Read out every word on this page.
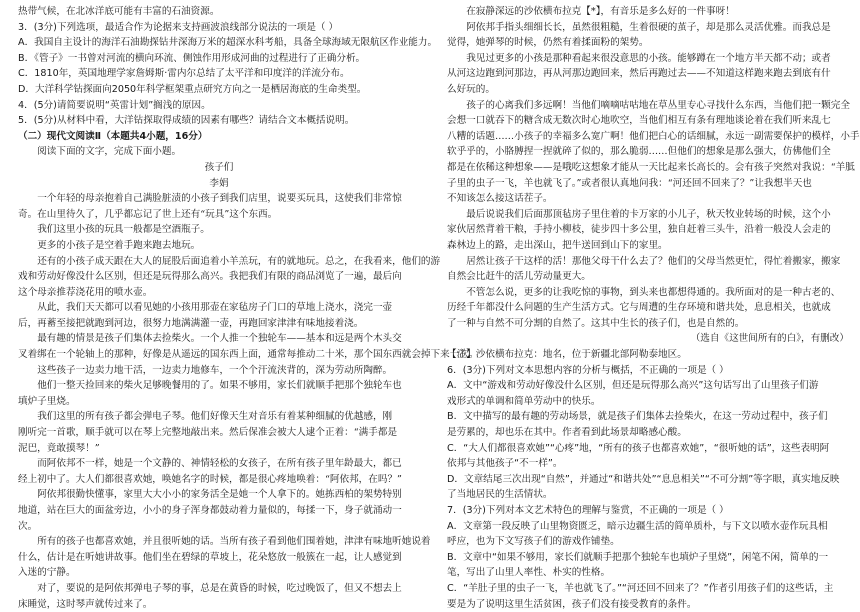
热带气候，在北冰洋底可能有丰富的石油资源。
3．(3分)下列选项，最适合作为论据来支持画波浪线部分说法的一项是（ ）
A．我国自主设计的海洋石油勘探钻井深海万米的超深水科考船，具备全球海域无限航区作业能力。
B．《管子》一书曾对河流的横向环流、侧蚀作用形成河曲的过程进行了正确分析。
C．1810年，英国地理学家詹姆斯·雷内尔总结了太平洋和印度洋的洋流分布。
D．大洋科学钻探面向2050年科学框架重点研究方向之一是栖居海底的生命类型。
4．(5分)请简要说明“英雷计划”搁浅的原因。
5．(5分)从材料中看，大洋钻探取得成绩的因素有哪些？请结合文本概括说明。
（二）现代文阅读Ⅱ（本题共4小题，16分）
阅读下面的文字，完成下面小题。
孩子们
李娟
一个年轻的母亲抱着自己满脸脏渍的小孩子到我们店里，说要买玩具，这使我们非常惊
奇。在山里待久了，几乎都忘记了世上还有“玩具”这个东西。
我们这里小孩的玩具一般都是空酒瓶子。
更多的小孩子是空着手跑来跑去地玩。
还有的小孩子成天跟在大人的屁股后面追着小羊羔玩，有的就地玩。总之，在我看来，他们的游
戏和劳动好像没什么区别，但还是玩得那么高兴。我把我们有限的商品浏览了一遍，最后向
这个母亲推荐浇花用的喷水壶。
从此，我们天天都可以看见她的小孩用那壶在家毡房子门口的草地上浇水，浇完一壶
后，再蓄至接把就跑到河边，很努力地满满灌一壶，再跑回家津津有味地接着浇。
最有趣的情景是孩子们集体去捡柴火。一个人推一个独轮车——基本和远是两个木头交
叉着绑在一个轮轴上的那种，好像是从遥远的国东西上面，通常每推动二十米，那个国东西就会掉下来一次。
这些孩子一边卖力地干活，一边卖力地修车，一个个汗流浃背的，深为劳动所陶醉。
他们一整天捡回来的柴火足够晚餐用的了。如果不够用，家长们就顺手把那个独轮车也
填炉子里烧。
我们这里的所有孩子都会弹电子琴。他们好像天生对音乐有着某种细腻的优越感，刚
刚听完一首歌，顺手就可以在琴上完整地敲出来。然后保准会被大人逮个正着：“满手都是
泥巴，竟敢摸琴！”
而阿依邦不一样，她是一个文静的、神情轻松的女孩子，在所有孩子里年龄最大，都已
经上初中了。大人们都很喜欢她，唤她名字的时候，都是很心疼地唤着：“阿依邦，在吗？”
阿依邦很勤快懂事，家里大大小小的家务活全是她一个人拿下的。她拣西柏的架势特别
地道，站在巨大的面盆旁边，小小的身子浑身都鼓动着力量似的，每揉一下，身子就涌动一
次。
所有的孩子也都喜欢她，并且很听她的话。当所有孩子看到他们围着她，津津有味地听她说着
什么，估计是在听她讲故事。他们坐在碧绿的草坡上，花朵悠放一般簇在一起，让人感觉到
入迷的宁静。
对了，要说的是阿依邦弹电子琴的事，总是在黄昏的时候，吃过晚饭了，但又不想去上
床睡觉，这时琴声就传过来了。
在寂静深远的沙依横布拉克【*】，有音乐是多么好的一件事呀！
阿依邦手指头细细长长，虽然很粗糙，生着很硬的茧子，却是那么灵活优雅。而我总是
觉得，她弹琴的时候，仍然有着揉面粉的架势。
我见过更多的小孩是那种看起来很没意思的小孩。能够蹲在一个地方半天都不动；或者
从河这边跑到河那边，再从河那边跑回来，然后再跑过去——不知道这样跑来跑去到底有什
么好玩的。
孩子的心离我们多远啊！当他们嘀嘀咕咕地在草丛里专心寻找什么东西，当他们把一颗完全
会想一口就吞下的糖含成无数次时心地吹空，当他们相互有条有理地谈论着在我们听来乱七
八糟的话题……小孩子的幸福多么宽广啊！他们把白心的话细腻，永远一副需要保护的模样，小手
软乎乎的，小胳膊捏一捏就碎了似的，那么脆弱……但他们的想象是那么强大，仿佛他们全
都是在依稀这种想象——是哦吃这想象才能从一天比起来长高长的。会有孩子突然对我说：“羊胝
子里的虫子一飞，羊也就飞了。”或者很认真地问我：“河还回不回来了？”让我想半天也
不知该怎么接这话茬子。
最后说说我们后面那顶毡房子里住着的卡万家的小儿子，秋天牧业转场的时候，这个小
家伙居然背着干粮，手持小柳枝，徒步四十多公里，独自赶着三头牛，沿着一般没人会走的
森林边上的路，走出深山，把牛送回到山下的家里。
居然让孩子干这样的活！那他父母干什么去了？他们的父母当然更忙，得忙着搬家，搬家
自然会比赶牛的活儿劳动量更大。
不管怎么说，更多的让我吃惊的事物，到头来也都想得通的。我所面对的是一种古老的、
历经千年都没什么问题的生产生活方式。它与周遭的生存环境和谐共处，息息相关，也就成
了一种与自然不可分割的自然了。这其中生长的孩子们，也是自然的。
（选自《这世间所有的白》，有删改）
【注】沙依横布拉克：地名，位于新疆北部阿勒泰地区。
6．(3分)下列对文本思想内容的分析与概括，不正确的一项是（ ）
A．文中“游戏和劳动好像没什么区别，但还是玩得那么高兴”这句话写出了山里孩子们游
戏形式的单调和简单劳动中的快乐。
B．文中描写的最有趣的劳动场景，就是孩子们集体去捡柴火，在这一劳动过程中，孩子们
是劳累的，却也乐在其中。作者看到此场景却略感心酸。
C．“大人们都很喜欢她”“心疼”地，“所有的孩子也都喜欢她”，“很听她的话”，这些表明阿
依邦与其他孩子“不一样”。
D．文章结尾三次出现“自然”，并通过“和谐共处”“息息相关”“不可分割”等字眼，真实地反映
了当地居民的生活情状。
7．(3分)下列对本文艺术特色的理解与鉴赏，不正确的一项是（ ）
A．文章第一段反映了山里物资匮乏，暗示边疆生活的简单质朴，与下文以喷水壶作玩具相
呼应，也为下文写孩子们的游戏作铺垫。
B．文章中“如果不够用，家长们就顺手把那个独轮车也填炉子里烧”，闲笔不闲，简单的一
笔，写出了山里人率性、朴实的性格。
C．“羊肚子里的虫子一飞，羊也就飞了。”“河还回不回来了？”作者引用孩子们的这些话，主
要是为了说明这里生活贫困，孩子们没有接受教育的条件。
